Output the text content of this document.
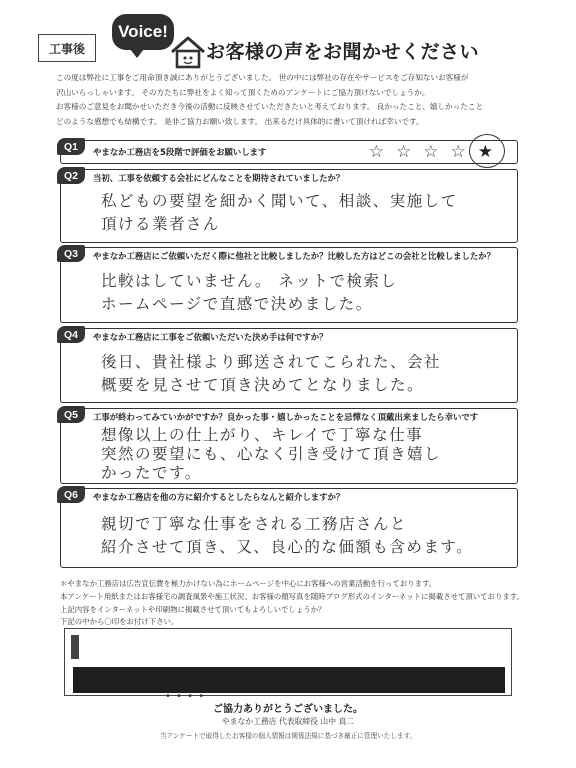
工事後
Voice!
お客様の声をお聞かせください

この度は弊社に工事をご用命頂き誠にありがとうございました。 世の中には弊社の存在やサービスをご存知ないお客様が

沢山いらっしゃいます。 その方たちに弊社をよく知って頂くためのアンケートにご協力頂けないでしょうか。

お客様のご意見をお聞かせいただき今後の活動に反映させていただきたいと考えております。 良かったこと、嬉しかったこと

どのような感想でも結構です。 是非ご協力お願い致します。 出来るだけ具体的に書いて頂ければ幸いです。

Q1	やまなか工務店を5段階で評価をお願いします	☆ ☆ ☆ ☆ ★
Q2	当初、工事を依頼する会社にどんなことを期待されていましたか？
私どもの要望を細かく聞いて、相談、実施して
頂ける業者さん
Q3	やまなか工務店にご依頼いただく際に他社と比較しましたか？比較した方はどこの会社と比較しましたか？
比較はしていません。 ネットで検索し
ホームページで直感で決めました。
Q4	やまなか工務店に工事をご依頼いただいた決め手は何ですか？
後日、貴社様より郵送されてこられた、会社
概要を見させて頂き決めてとなりました。
Q5	工事が終わってみていかがですか？良かった事・嬉しかったことを忌憚なく頂戴出来ましたら幸いです
想像以上の仕上がり、キレイで丁寧な仕事
突然の要望にも、心なく引き受けて頂き嬉し
かったです。
Q6	やまなか工務店を他の方に紹介するとしたらなんと紹介しますか？
親切で丁寧な仕事をされる工務店さんと
紹介させて頂き、又、良心的な価額も含めます。

＊やまなか工務店は広告宣伝費を極力かけない為にホームページを中心にお客様への営業活動を行っております。

本アンケート用紙またはお客様宅の調査風景や施工状況、お客様の顔写真を随時ブログ形式のインターネットに掲載させて頂いております。

上記内容をインターネットや印刷物に掲載させて頂いてもよろしいでしょうか？

下記の中から〇印をお付け下さい。

• • • •
ご協力ありがとうございました。
やまなか工務店 代表取締役 山中 真二
当アンケートで取得したお客様の個人情報は関係法規に基づき厳正に管理いたします。
